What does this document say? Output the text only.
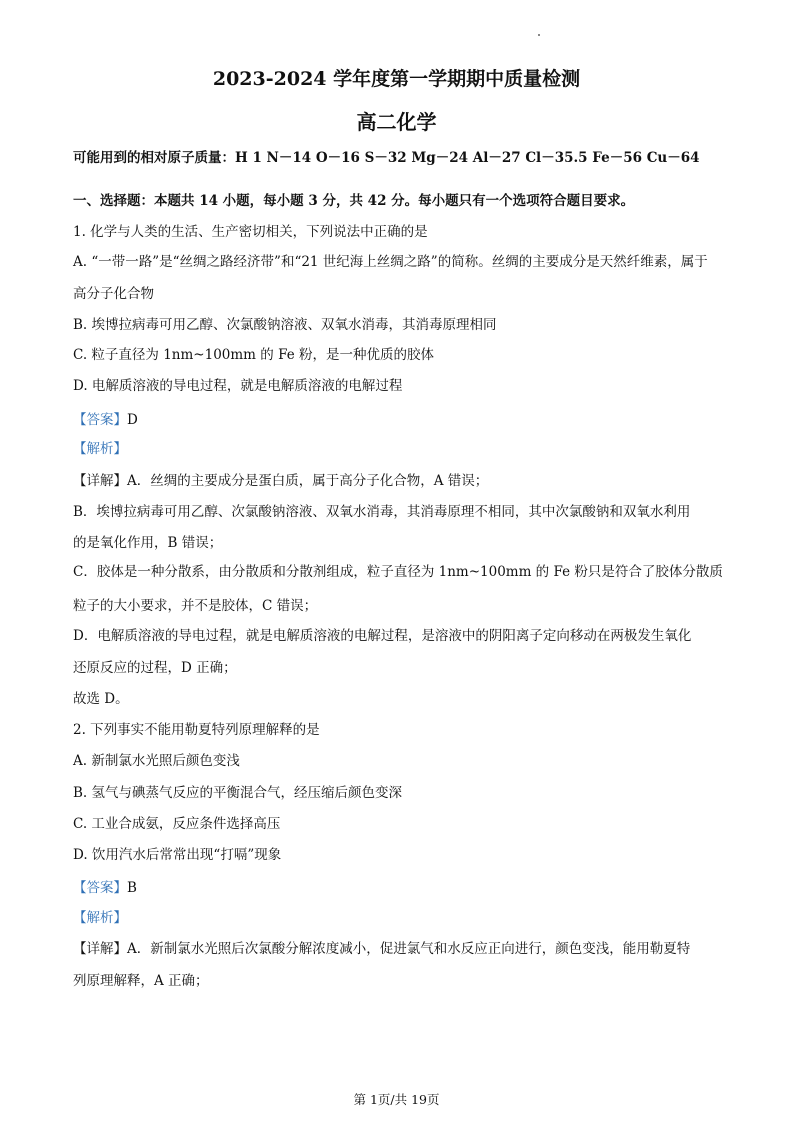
2023-2024 学年度第一学期期中质量检测
高二化学
可能用到的相对原子质量：H 1 N－14 O－16 S－32 Mg－24 Al－27 Cl－35.5 Fe－56 Cu－64
一、选择题：本题共 14 小题，每小题 3 分，共 42 分。每小题只有一个选项符合题目要求。
1. 化学与人类的生活、生产密切相关，下列说法中正确的是
A. “一带一路”是“丝绸之路经济带”和“21 世纪海上丝绸之路”的简称。丝绸的主要成分是天然纤维素，属于
高分子化合物
B. 埃博拉病毒可用乙醇、次氯酸钠溶液、双氧水消毒，其消毒原理相同
C. 粒子直径为 1nm~100mm 的 Fe 粉，是一种优质的胶体
D. 电解质溶液的导电过程，就是电解质溶液的电解过程
【答案】D
【解析】
【详解】A．丝绸的主要成分是蛋白质，属于高分子化合物，A 错误；
B．埃博拉病毒可用乙醇、次氯酸钠溶液、双氧水消毒，其消毒原理不相同，其中次氯酸钠和双氧水利用
的是氧化作用，B 错误；
C．胶体是一种分散系，由分散质和分散剂组成，粒子直径为 1nm~100mm 的 Fe 粉只是符合了胶体分散质
粒子的大小要求，并不是胶体，C 错误；
D．电解质溶液的导电过程，就是电解质溶液的电解过程，是溶液中的阴阳离子定向移动在两极发生氧化
还原反应的过程，D 正确；
故选 D。
2. 下列事实不能用勒夏特列原理解释的是
A. 新制氯水光照后颜色变浅
B. 氢气与碘蒸气反应的平衡混合气，经压缩后颜色变深
C. 工业合成氨，反应条件选择高压
D. 饮用汽水后常常出现“打嗝”现象
【答案】B
【解析】
【详解】A．新制氯水光照后次氯酸分解浓度减小，促进氯气和水反应正向进行，颜色变浅，能用勒夏特
列原理解释，A 正确；
第 1页/共 19页
